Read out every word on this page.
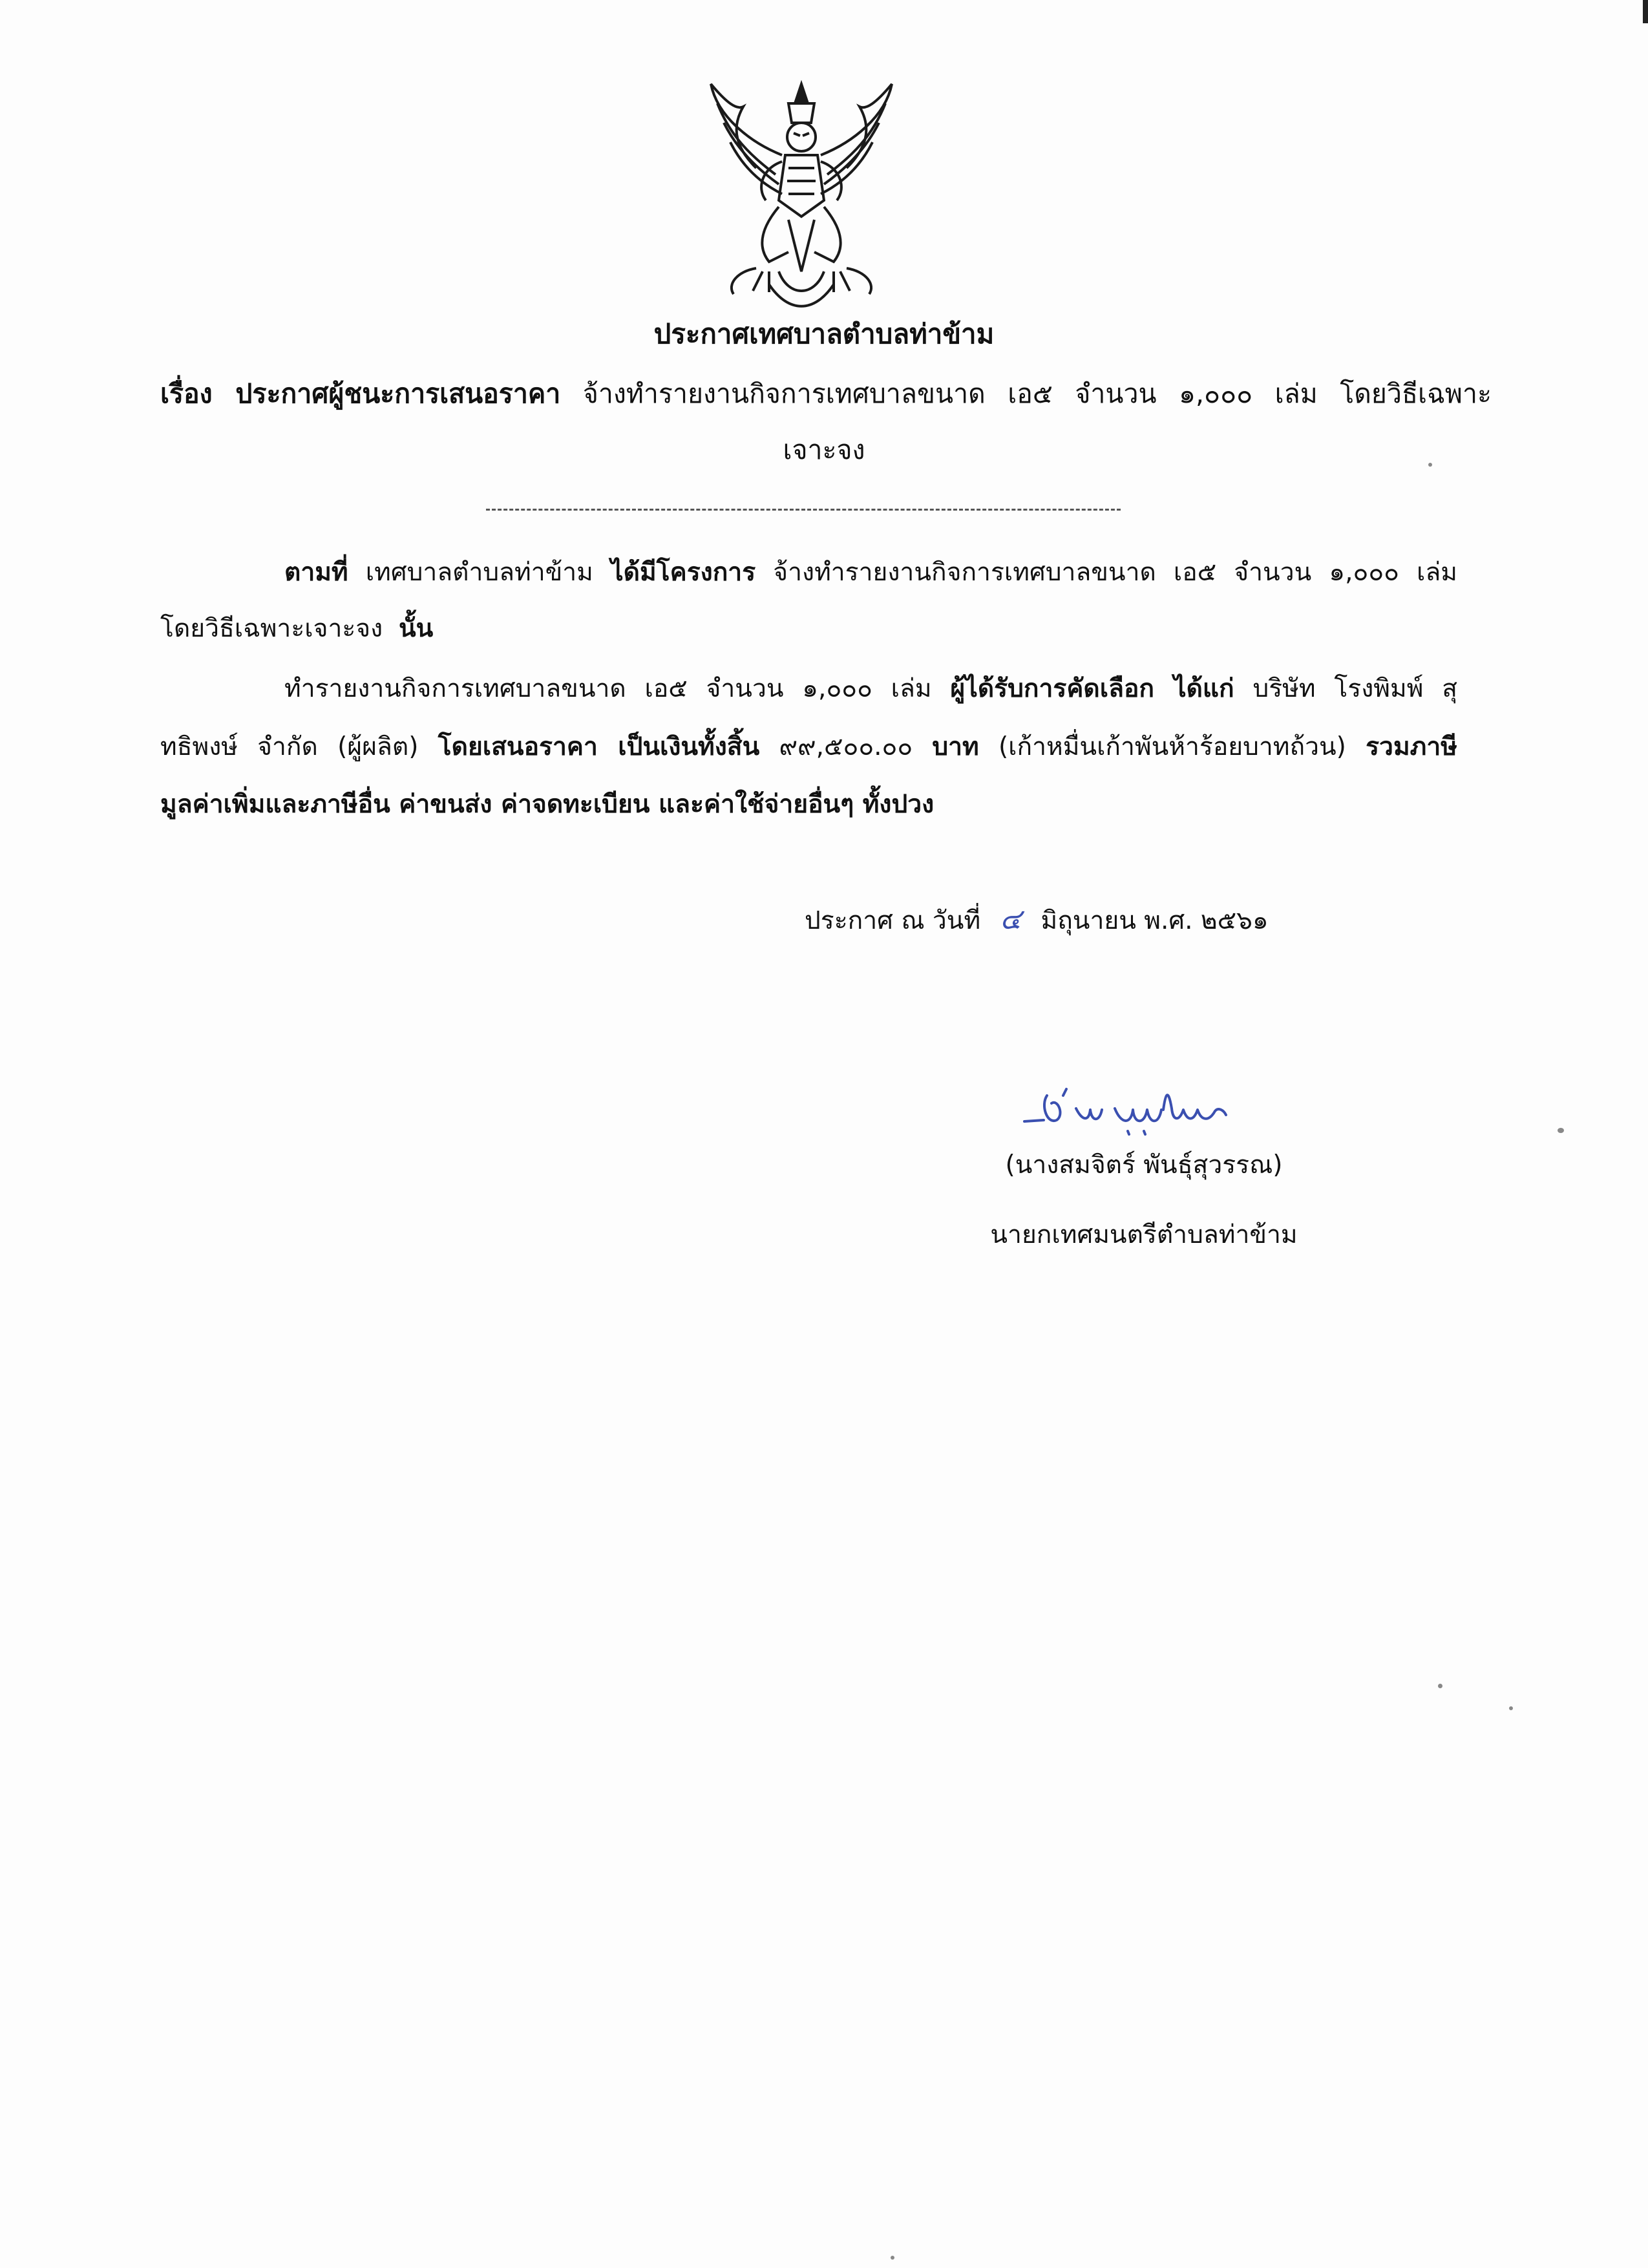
ประกาศเทศบาลตำบลท่าข้าม
เรื่อง ประกาศผู้ชนะการเสนอราคา จ้างทำรายงานกิจการเทศบาลขนาด เอ๕ จำนวน ๑,๐๐๐ เล่ม โดยวิธีเฉพาะ
เจาะจง
ตามที่ เทศบาลตำบลท่าข้าม ได้มีโครงการ จ้างทำรายงานกิจการเทศบาลขนาด เอ๕ จำนวน ๑,๐๐๐ เล่ม
โดยวิธีเฉพาะเจาะจง นั้น
ทำรายงานกิจการเทศบาลขนาด เอ๕ จำนวน ๑,๐๐๐ เล่ม ผู้ได้รับการคัดเลือก ได้แก่ บริษัท โรงพิมพ์ สุ
ทธิพงษ์ จำกัด (ผู้ผลิต) โดยเสนอราคา เป็นเงินทั้งสิ้น ๙๙,๕๐๐.๐๐ บาท (เก้าหมื่นเก้าพันห้าร้อยบาทถ้วน) รวมภาษี
มูลค่าเพิ่มและภาษีอื่น ค่าขนส่ง ค่าจดทะเบียน และค่าใช้จ่ายอื่นๆ ทั้งปวง
ประกาศ ณ วันที่ ๔ มิถุนายน พ.ศ. ๒๕๖๑
(นางสมจิตร์ พันธุ์สุวรรณ)
นายกเทศมนตรีตำบลท่าข้าม
